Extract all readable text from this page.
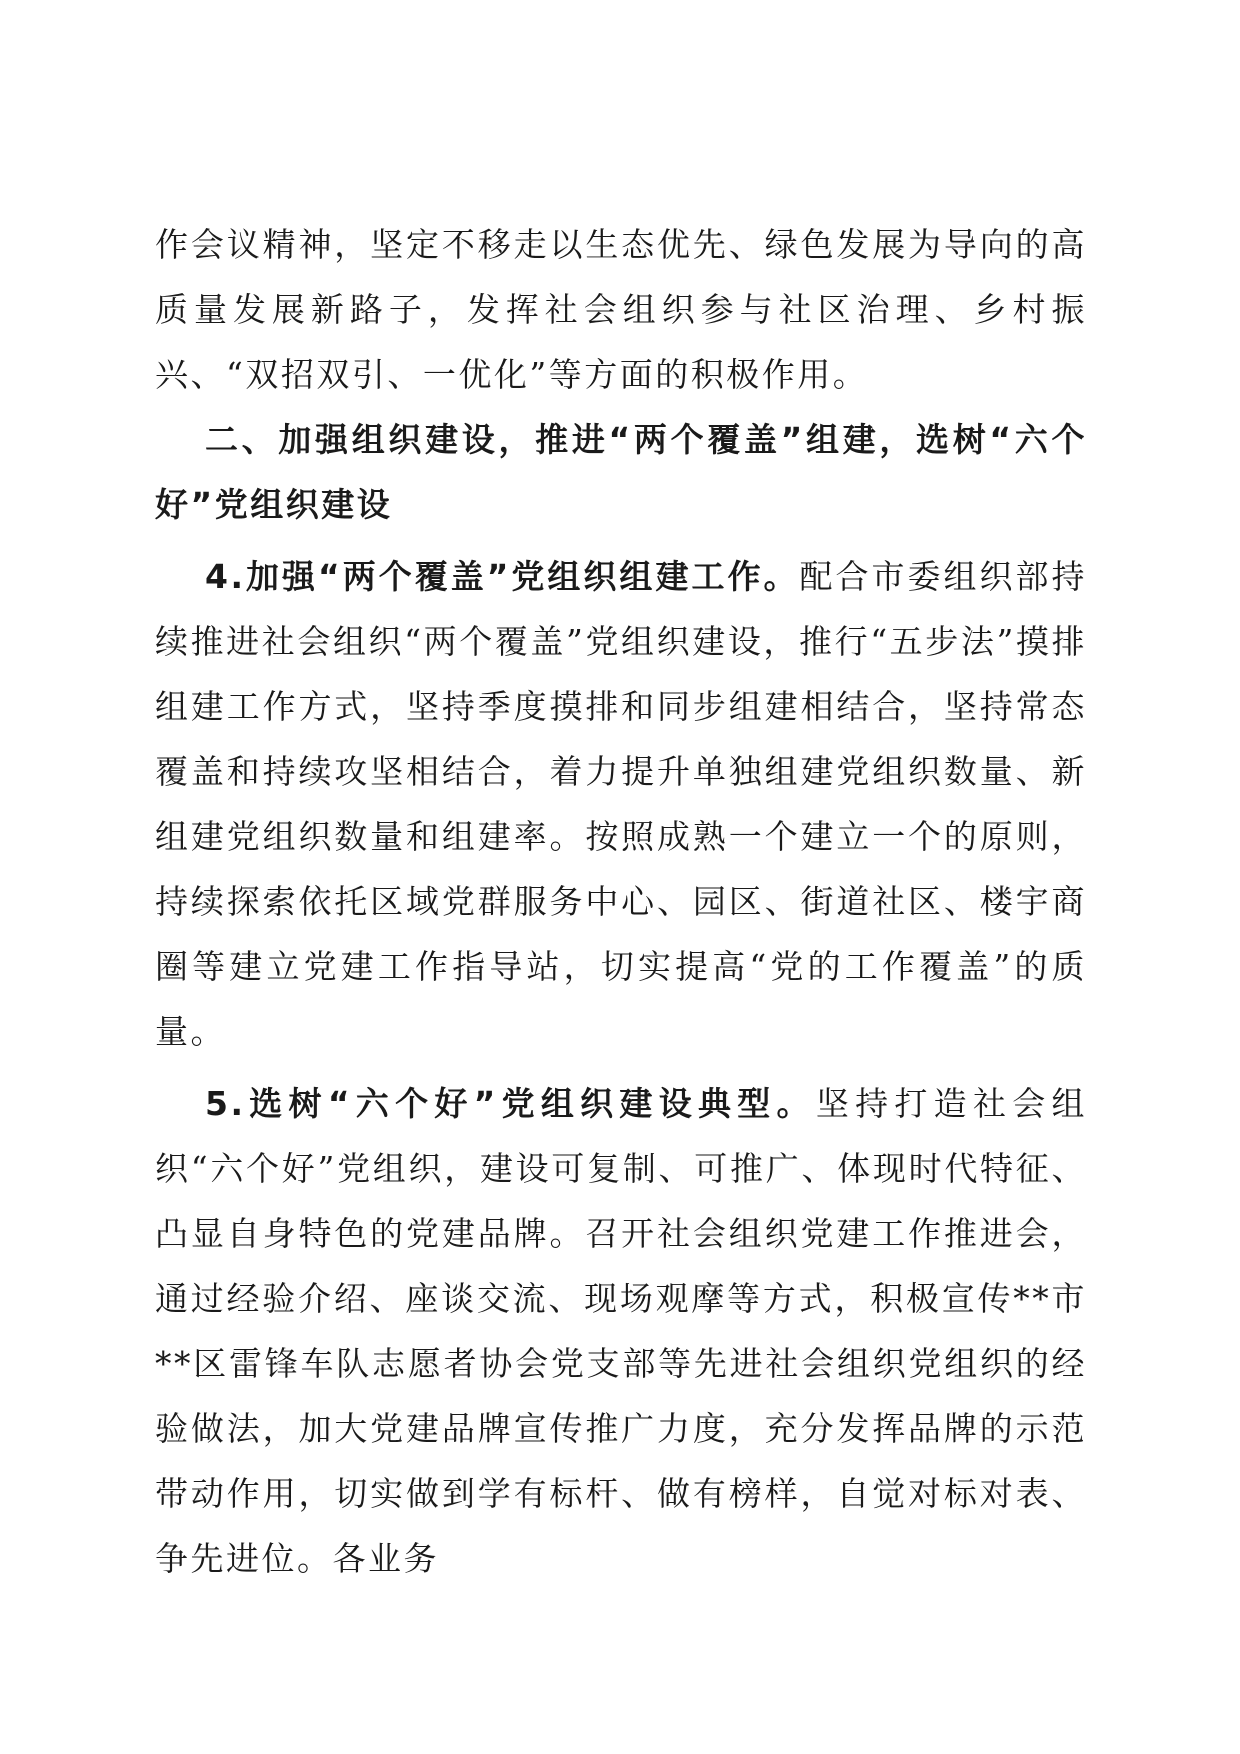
作会议精神，坚定不移走以生态优先、绿色发展为导向的高质量发展新路子，发挥社会组织参与社区治理、乡村振兴、“双招双引、一优化”等方面的积极作用。

二、加强组织建设，推进“两个覆盖”组建，选树“六个好”党组织建设

4.加强“两个覆盖”党组织组建工作。配合市委组织部持续推进社会组织“两个覆盖”党组织建设，推行“五步法”摸排组建工作方式，坚持季度摸排和同步组建相结合，坚持常态覆盖和持续攻坚相结合，着力提升单独组建党组织数量、新组建党组织数量和组建率。按照成熟一个建立一个的原则，持续探索依托区域党群服务中心、园区、街道社区、楼宇商圈等建立党建工作指导站，切实提高“党的工作覆盖”的质量。

5.选树“六个好”党组织建设典型。坚持打造社会组织“六个好”党组织，建设可复制、可推广、体现时代特征、凸显自身特色的党建品牌。召开社会组织党建工作推进会，通过经验介绍、座谈交流、现场观摩等方式，积极宣传**市**区雷锋车队志愿者协会党支部等先进社会组织党组织的经验做法，加大党建品牌宣传推广力度，充分发挥品牌的示范带动作用，切实做到学有标杆、做有榜样，自觉对标对表、争先进位。各业务
